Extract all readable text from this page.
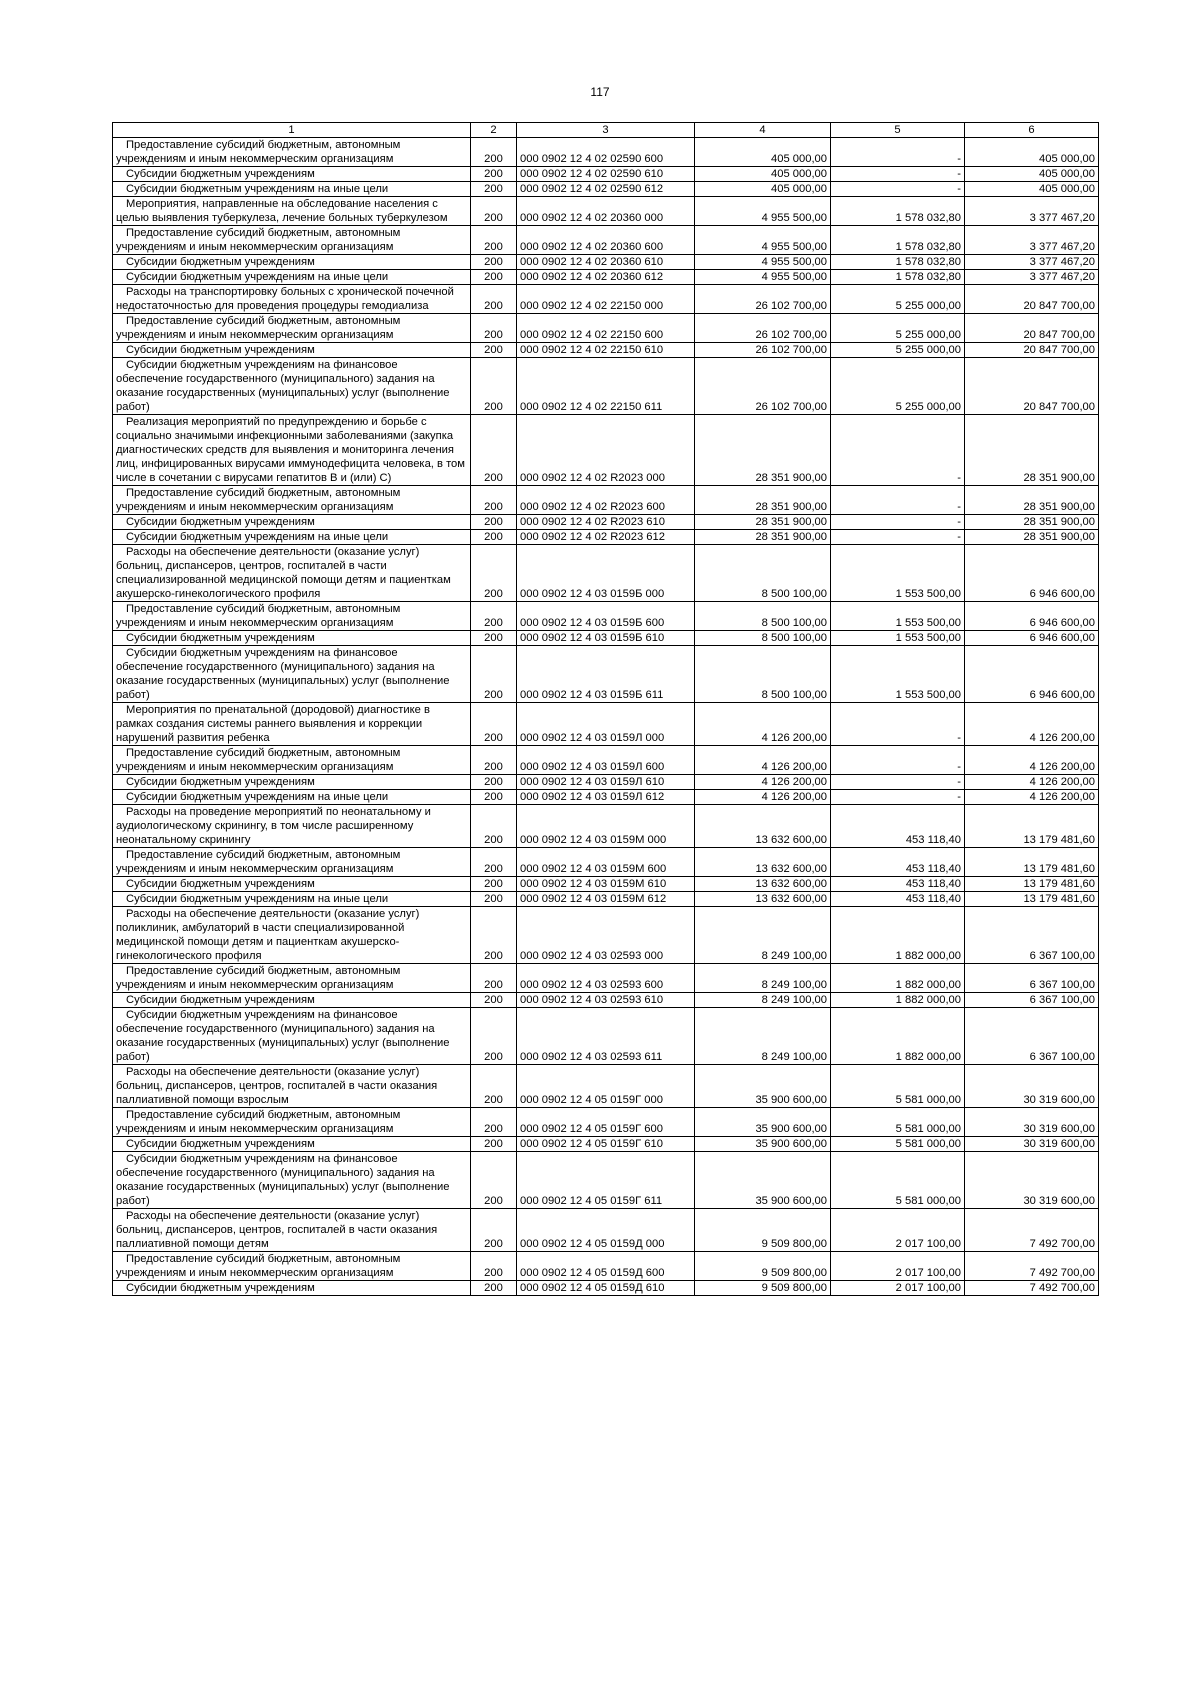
117
1	2	3	4	5	6
Предоставление субсидий бюджетным, автономным учреждениям и иным некоммерческим организациям	200	000 0902 12 4 02 02590 600	405 000,00	-	405 000,00
Субсидии бюджетным учреждениям	200	000 0902 12 4 02 02590 610	405 000,00	-	405 000,00
Субсидии бюджетным учреждениям на иные цели	200	000 0902 12 4 02 02590 612	405 000,00	-	405 000,00
Мероприятия, направленные на обследование населения с целью выявления туберкулеза, лечение больных туберкулезом	200	000 0902 12 4 02 20360 000	4 955 500,00	1 578 032,80	3 377 467,20
Предоставление субсидий бюджетным, автономным учреждениям и иным некоммерческим организациям	200	000 0902 12 4 02 20360 600	4 955 500,00	1 578 032,80	3 377 467,20
Субсидии бюджетным учреждениям	200	000 0902 12 4 02 20360 610	4 955 500,00	1 578 032,80	3 377 467,20
Субсидии бюджетным учреждениям на иные цели	200	000 0902 12 4 02 20360 612	4 955 500,00	1 578 032,80	3 377 467,20
Расходы на транспортировку больных с хронической почечной недостаточностью для проведения процедуры гемодиализа	200	000 0902 12 4 02 22150 000	26 102 700,00	5 255 000,00	20 847 700,00
Предоставление субсидий бюджетным, автономным учреждениям и иным некоммерческим организациям	200	000 0902 12 4 02 22150 600	26 102 700,00	5 255 000,00	20 847 700,00
Субсидии бюджетным учреждениям	200	000 0902 12 4 02 22150 610	26 102 700,00	5 255 000,00	20 847 700,00
Субсидии бюджетным учреждениям на финансовое обеспечение государственного (муниципального) задания на оказание государственных (муниципальных) услуг (выполнение работ)	200	000 0902 12 4 02 22150 611	26 102 700,00	5 255 000,00	20 847 700,00
Реализация мероприятий по предупреждению и борьбе с социально значимыми инфекционными заболеваниями (закупка диагностических средств для выявления и мониторинга лечения лиц, инфицированных вирусами иммунодефицита человека, в том числе в сочетании с вирусами гепатитов В и (или) С)	200	000 0902 12 4 02 R2023 000	28 351 900,00	-	28 351 900,00
Предоставление субсидий бюджетным, автономным учреждениям и иным некоммерческим организациям	200	000 0902 12 4 02 R2023 600	28 351 900,00	-	28 351 900,00
Субсидии бюджетным учреждениям	200	000 0902 12 4 02 R2023 610	28 351 900,00	-	28 351 900,00
Субсидии бюджетным учреждениям на иные цели	200	000 0902 12 4 02 R2023 612	28 351 900,00	-	28 351 900,00
Расходы на обеспечение деятельности (оказание услуг) больниц, диспансеров, центров, госпиталей в части специализированной медицинской помощи детям и пациенткам акушерско-гинекологического профиля	200	000 0902 12 4 03 0159Б 000	8 500 100,00	1 553 500,00	6 946 600,00
Предоставление субсидий бюджетным, автономным учреждениям и иным некоммерческим организациям	200	000 0902 12 4 03 0159Б 600	8 500 100,00	1 553 500,00	6 946 600,00
Субсидии бюджетным учреждениям	200	000 0902 12 4 03 0159Б 610	8 500 100,00	1 553 500,00	6 946 600,00
Субсидии бюджетным учреждениям на финансовое обеспечение государственного (муниципального) задания на оказание государственных (муниципальных) услуг (выполнение работ)	200	000 0902 12 4 03 0159Б 611	8 500 100,00	1 553 500,00	6 946 600,00
Мероприятия по пренатальной (дородовой) диагностике в рамках создания системы раннего выявления и коррекции нарушений развития ребенка	200	000 0902 12 4 03 0159Л 000	4 126 200,00	-	4 126 200,00
Предоставление субсидий бюджетным, автономным учреждениям и иным некоммерческим организациям	200	000 0902 12 4 03 0159Л 600	4 126 200,00	-	4 126 200,00
Субсидии бюджетным учреждениям	200	000 0902 12 4 03 0159Л 610	4 126 200,00	-	4 126 200,00
Субсидии бюджетным учреждениям на иные цели	200	000 0902 12 4 03 0159Л 612	4 126 200,00	-	4 126 200,00
Расходы на проведение мероприятий по неонатальному и аудиологическому скринингу, в том числе расширенному неонатальному скринингу	200	000 0902 12 4 03 0159М 000	13 632 600,00	453 118,40	13 179 481,60
Предоставление субсидий бюджетным, автономным учреждениям и иным некоммерческим организациям	200	000 0902 12 4 03 0159М 600	13 632 600,00	453 118,40	13 179 481,60
Субсидии бюджетным учреждениям	200	000 0902 12 4 03 0159М 610	13 632 600,00	453 118,40	13 179 481,60
Субсидии бюджетным учреждениям на иные цели	200	000 0902 12 4 03 0159М 612	13 632 600,00	453 118,40	13 179 481,60
Расходы на обеспечение деятельности (оказание услуг) поликлиник, амбулаторий в части специализированной медицинской помощи детям и пациенткам акушерско-гинекологического профиля	200	000 0902 12 4 03 02593 000	8 249 100,00	1 882 000,00	6 367 100,00
Предоставление субсидий бюджетным, автономным учреждениям и иным некоммерческим организациям	200	000 0902 12 4 03 02593 600	8 249 100,00	1 882 000,00	6 367 100,00
Субсидии бюджетным учреждениям	200	000 0902 12 4 03 02593 610	8 249 100,00	1 882 000,00	6 367 100,00
Субсидии бюджетным учреждениям на финансовое обеспечение государственного (муниципального) задания на оказание государственных (муниципальных) услуг (выполнение работ)	200	000 0902 12 4 03 02593 611	8 249 100,00	1 882 000,00	6 367 100,00
Расходы на обеспечение деятельности (оказание услуг) больниц, диспансеров, центров, госпиталей в части оказания паллиативной помощи взрослым	200	000 0902 12 4 05 0159Г 000	35 900 600,00	5 581 000,00	30 319 600,00
Предоставление субсидий бюджетным, автономным учреждениям и иным некоммерческим организациям	200	000 0902 12 4 05 0159Г 600	35 900 600,00	5 581 000,00	30 319 600,00
Субсидии бюджетным учреждениям	200	000 0902 12 4 05 0159Г 610	35 900 600,00	5 581 000,00	30 319 600,00
Субсидии бюджетным учреждениям на финансовое обеспечение государственного (муниципального) задания на оказание государственных (муниципальных) услуг (выполнение работ)	200	000 0902 12 4 05 0159Г 611	35 900 600,00	5 581 000,00	30 319 600,00
Расходы на обеспечение деятельности (оказание услуг) больниц, диспансеров, центров, госпиталей в части оказания паллиативной помощи детям	200	000 0902 12 4 05 0159Д 000	9 509 800,00	2 017 100,00	7 492 700,00
Предоставление субсидий бюджетным, автономным учреждениям и иным некоммерческим организациям	200	000 0902 12 4 05 0159Д 600	9 509 800,00	2 017 100,00	7 492 700,00
Субсидии бюджетным учреждениям	200	000 0902 12 4 05 0159Д 610	9 509 800,00	2 017 100,00	7 492 700,00
